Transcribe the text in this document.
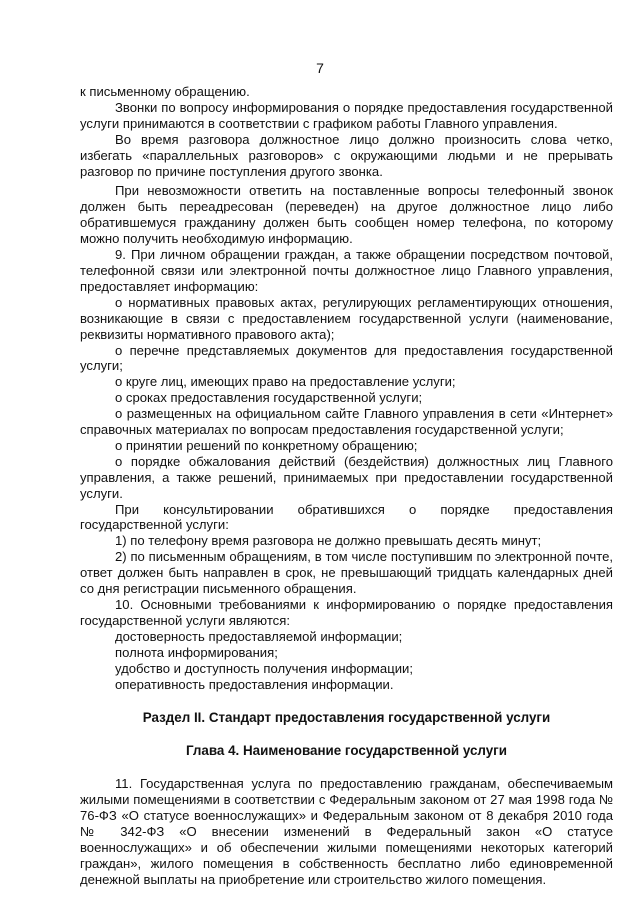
7

к письменному обращению.

Звонки по вопросу информирования о порядке предоставления государственной услуги принимаются в соответствии с графиком работы Главного управления.

Во время разговора должностное лицо должно произносить слова четко, избегать «параллельных разговоров» с окружающими людьми и не прерывать разговор по причине поступления другого звонка.

При невозможности ответить на поставленные вопросы телефонный звонок должен быть переадресован (переведен) на другое должностное лицо либо обратившемуся гражданину должен быть сообщен номер телефона, по которому можно получить необходимую информацию.

9. При личном обращении граждан, а также обращении посредством почтовой, телефонной связи или электронной почты должностное лицо Главного управления, предоставляет информацию:

о нормативных правовых актах, регулирующих регламентирующих отношения, возникающие в связи с предоставлением государственной услуги (наименование, реквизиты нормативного правового акта);

о перечне представляемых документов для предоставления государственной услуги;

о круге лиц, имеющих право на предоставление услуги;

о сроках предоставления государственной услуги;

о размещенных на официальном сайте Главного управления в сети «Интернет» справочных материалах по вопросам предоставления государственной услуги;

о принятии решений по конкретному обращению;

о порядке обжалования действий (бездействия) должностных лиц Главного управления, а также решений, принимаемых при предоставлении государственной услуги.

При консультировании обратившихся о порядке предоставления государственной услуги:

1) по телефону время разговора не должно превышать десять минут;

2) по письменным обращениям, в том числе поступившим по электронной почте, ответ должен быть направлен в срок, не превышающий тридцать календарных дней со дня регистрации письменного обращения.

10. Основными требованиями к информированию о порядке предоставления государственной услуги являются:

достоверность предоставляемой информации;

полнота информирования;

удобство и доступность получения информации;

оперативность предоставления информации.

Раздел II. Стандарт предоставления государственной услуги

Глава 4. Наименование государственной услуги

11. Государственная услуга по предоставлению гражданам, обеспечиваемым жилыми помещениями в соответствии с Федеральным законом от 27 мая 1998 года № 76-ФЗ «О статусе военнослужащих» и Федеральным законом от 8 декабря 2010 года № 342-ФЗ «О внесении изменений в Федеральный закон «О статусе военнослужащих» и об обеспечении жилыми помещениями некоторых категорий граждан», жилого помещения в собственность бесплатно либо единовременной денежной выплаты на приобретение или строительство жилого помещения.
